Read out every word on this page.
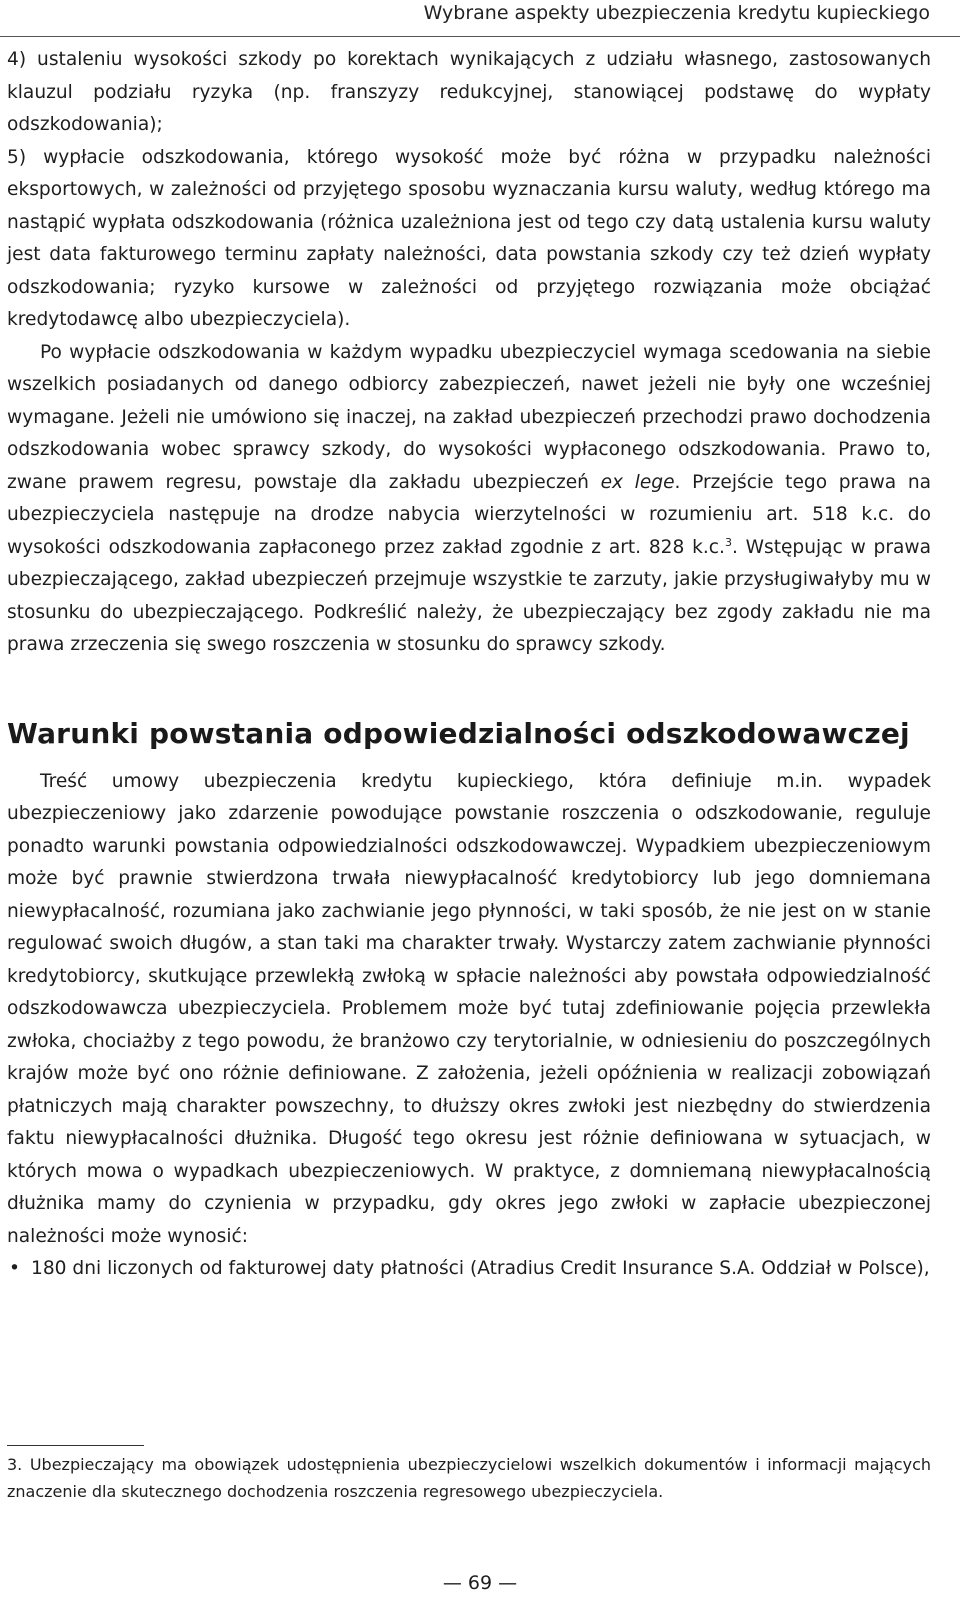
Wybrane aspekty ubezpieczenia kredytu kupieckiego

4) ustaleniu wysokości szkody po korektach wynikających z udziału własnego, zastosowanych klauzul podziału ryzyka (np. franszyzy redukcyjnej, stanowiącej podstawę do wypłaty odszkodowania);

5) wypłacie odszkodowania, którego wysokość może być różna w przypadku należności eksportowych, w zależności od przyjętego sposobu wyznaczania kursu waluty, według którego ma nastąpić wypłata odszkodowania (różnica uzależniona jest od tego czy datą ustalenia kursu waluty jest data fakturowego terminu zapłaty należności, data powstania szkody czy też dzień wypłaty odszkodowania; ryzyko kursowe w zależności od przyjętego rozwiązania może obciążać kredytodawcę albo ubezpieczyciela).

Po wypłacie odszkodowania w każdym wypadku ubezpieczyciel wymaga scedowania na siebie wszelkich posiadanych od danego odbiorcy zabezpieczeń, nawet jeżeli nie były one wcześniej wymagane. Jeżeli nie umówiono się inaczej, na zakład ubezpieczeń przechodzi prawo dochodzenia odszkodowania wobec sprawcy szkody, do wysokości wypłaconego odszkodowania. Prawo to, zwane prawem regresu, powstaje dla zakładu ubezpieczeń ex lege. Przejście tego prawa na ubezpieczyciela następuje na drodze nabycia wierzytelności w rozumieniu art. 518 k.c. do wysokości odszkodowania zapłaconego przez zakład zgodnie z art. 828 k.c.$^3$. Wstępując w prawa ubezpieczającego, zakład ubezpieczeń przejmuje wszystkie te zarzuty, jakie przysługiwałyby mu w stosunku do ubezpieczającego. Podkreślić należy, że ubezpieczający bez zgody zakładu nie ma prawa zrzeczenia się swego roszczenia w stosunku do sprawcy szkody.

Warunki powstania odpowiedzialności odszkodowawczej

Treść umowy ubezpieczenia kredytu kupieckiego, która definiuje m.in. wypadek ubezpieczeniowy jako zdarzenie powodujące powstanie roszczenia o odszkodowanie, reguluje ponadto warunki powstania odpowiedzialności odszkodowawczej. Wypadkiem ubezpieczeniowym może być prawnie stwierdzona trwała niewypłacalność kredytobiorcy lub jego domniemana niewypłacalność, rozumiana jako zachwianie jego płynności, w taki sposób, że nie jest on w stanie regulować swoich długów, a stan taki ma charakter trwały. Wystarczy zatem zachwianie płynności kredytobiorcy, skutkujące przewlekłą zwłoką w spłacie należności aby powstała odpowiedzialność odszkodowawcza ubezpieczyciela. Problemem może być tutaj zdefiniowanie pojęcia przewlekła zwłoka, chociażby z tego powodu, że branżowo czy terytorialnie, w odniesieniu do poszczególnych krajów może być ono różnie definiowane. Z założenia, jeżeli opóźnienia w realizacji zobowiązań płatniczych mają charakter powszechny, to dłuższy okres zwłoki jest niezbędny do stwierdzenia faktu niewypłacalności dłużnika. Długość tego okresu jest różnie definiowana w sytuacjach, w których mowa o wypadkach ubezpieczeniowych. W praktyce, z domniemaną niewypłacalnością dłużnika mamy do czynienia w przypadku, gdy okres jego zwłoki w zapłacie ubezpieczonej należności może wynosić:

• 180 dni liczonych od fakturowej daty płatności (Atradius Credit Insurance S.A. Oddział w Polsce),

3. Ubezpieczający ma obowiązek udostępnienia ubezpieczycielowi wszelkich dokumentów i informacji mających znaczenie dla skutecznego dochodzenia roszczenia regresowego ubezpieczyciela.

— 69 —
